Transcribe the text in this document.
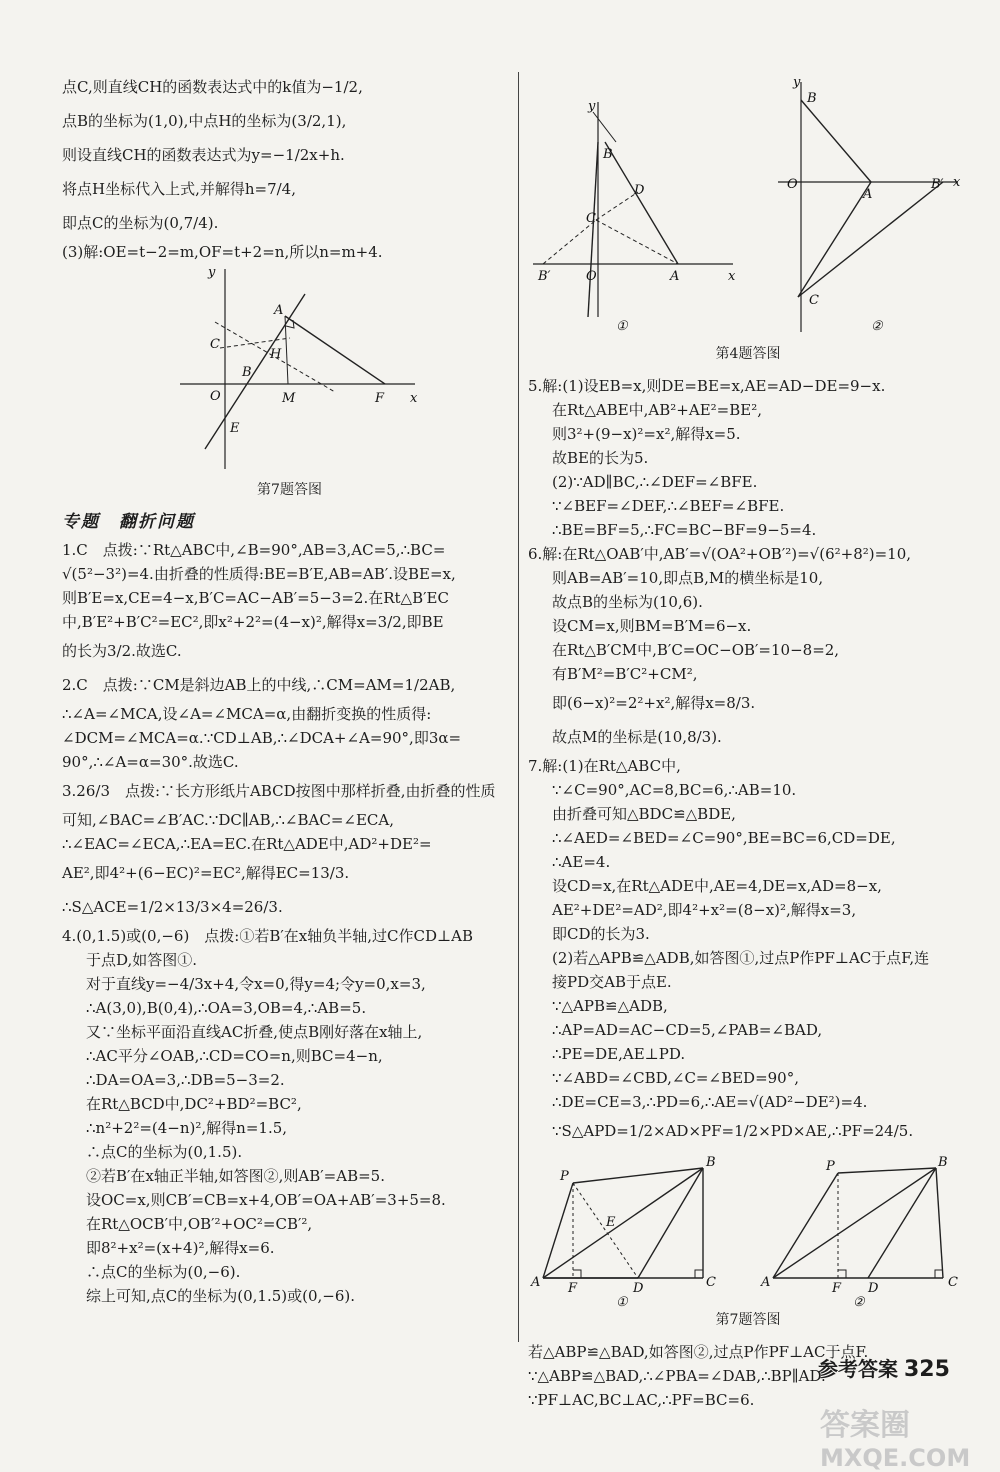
点C,则直线CH的函数表达式中的k值为−1/2,
点B的坐标为(1,0),中点H的坐标为(3/2,1),
则设直线CH的函数表达式为y=−1/2x+h.
将点H坐标代入上式,并解得h=7/4,
即点C的坐标为(0,7/4).
(3)解:OE=t−2=m,OF=t+2=n,所以n=m+4.
y
x
O
A
B
C
H
M	F
E
第7题答图
专题　翻折问题
1.C　点拨:∵Rt△ABC中,∠B=90°,AB=3,AC=5,∴BC=
√(5²−3²)=4.由折叠的性质得:BE=B′E,AB=AB′.设BE=x,
则B′E=x,CE=4−x,B′C=AC−AB′=5−3=2.在Rt△B′EC
中,B′E²+B′C²=EC²,即x²+2²=(4−x)²,解得x=3/2,即BE
的长为3/2.故选C.
2.C　点拨:∵CM是斜边AB上的中线,∴CM=AM=1/2AB,
∴∠A=∠MCA,设∠A=∠MCA=α,由翻折变换的性质得:
∠DCM=∠MCA=α.∵CD⊥AB,∴∠DCA+∠A=90°,即3α=
90°,∴∠A=α=30°.故选C.
3.26/3　点拨:∵长方形纸片ABCD按图中那样折叠,由折叠的性质
可知,∠BAC=∠B′AC.∵DC∥AB,∴∠BAC=∠ECA,
∴∠EAC=∠ECA,∴EA=EC.在Rt△ADE中,AD²+DE²=
AE²,即4²+(6−EC)²=EC²,解得EC=13/3.
∴S△ACE=1/2×13/3×4=26/3.
4.(0,1.5)或(0,−6)　点拨:①若B′在x轴负半轴,过C作CD⊥AB
于点D,如答图①.
对于直线y=−4/3x+4,令x=0,得y=4;令y=0,x=3,
∴A(3,0),B(0,4),∴OA=3,OB=4,∴AB=5.
又∵坐标平面沿直线AC折叠,使点B刚好落在x轴上,
∴AC平分∠OAB,∴CD=CO=n,则BC=4−n,
∴DA=OA=3,∴DB=5−3=2.
在Rt△BCD中,DC²+BD²=BC²,
∴n²+2²=(4−n)²,解得n=1.5,
∴点C的坐标为(0,1.5).
②若B′在x轴正半轴,如答图②,则AB′=AB=5.
设OC=x,则CB′=CB=x+4,OB′=OA+AB′=3+5=8.
在Rt△OCB′中,OB′²+OC²=CB′²,
即8²+x²=(x+4)²,解得x=6.
∴点C的坐标为(0,−6).
综上可知,点C的坐标为(0,1.5)或(0,−6).
y
x
O	A
B
B′
C
D
①
y
x
O
B
A
B′
C
②
第4题答图
5.解:(1)设EB=x,则DE=BE=x,AE=AD−DE=9−x.
在Rt△ABE中,AB²+AE²=BE²,
则3²+(9−x)²=x²,解得x=5.
故BE的长为5.
(2)∵AD∥BC,∴∠DEF=∠BFE.
∵∠BEF=∠DEF,∴∠BEF=∠BFE.
∴BE=BF=5,∴FC=BC−BF=9−5=4.
6.解:在Rt△OAB′中,AB′=√(OA²+OB′²)=√(6²+8²)=10,
则AB=AB′=10,即点B,M的横坐标是10,
故点B的坐标为(10,6).
设CM=x,则BM=B′M=6−x.
在Rt△B′CM中,B′C=OC−OB′=10−8=2,
有B′M²=B′C²+CM²,
即(6−x)²=2²+x²,解得x=8/3.
故点M的坐标是(10,8/3).
7.解:(1)在Rt△ABC中,
∵∠C=90°,AC=8,BC=6,∴AB=10.
由折叠可知△BDC≌△BDE,
∴∠AED=∠BED=∠C=90°,BE=BC=6,CD=DE,
∴AE=4.
设CD=x,在Rt△ADE中,AE=4,DE=x,AD=8−x,
AE²+DE²=AD²,即4²+x²=(8−x)²,解得x=3,
即CD的长为3.
(2)若△APB≌△ADB,如答图①,过点P作PF⊥AC于点F,连
接PD交AB于点E.
∵△APB≌△ADB,
∴AP=AD=AC−CD=5,∠PAB=∠BAD,
∴PE=DE,AE⊥PD.
∵∠ABD=∠CBD,∠C=∠BED=90°,
∴DE=CE=3,∴PD=6,∴AE=√(AD²−DE²)=4.
∵S△APD=1/2×AD×PF=1/2×PD×AE,∴PF=24/5.
A
B
C
D
E
F
P
①
A
B
C
D
F
P
②
第7题答图
若△ABP≌△BAD,如答图②,过点P作PF⊥AC于点F.
∵△ABP≌△BAD,∴∠PBA=∠DAB,∴BP∥AD.
∵PF⊥AC,BC⊥AC,∴PF=BC=6.
参考答案 325
答案圈
MXQE.COM
